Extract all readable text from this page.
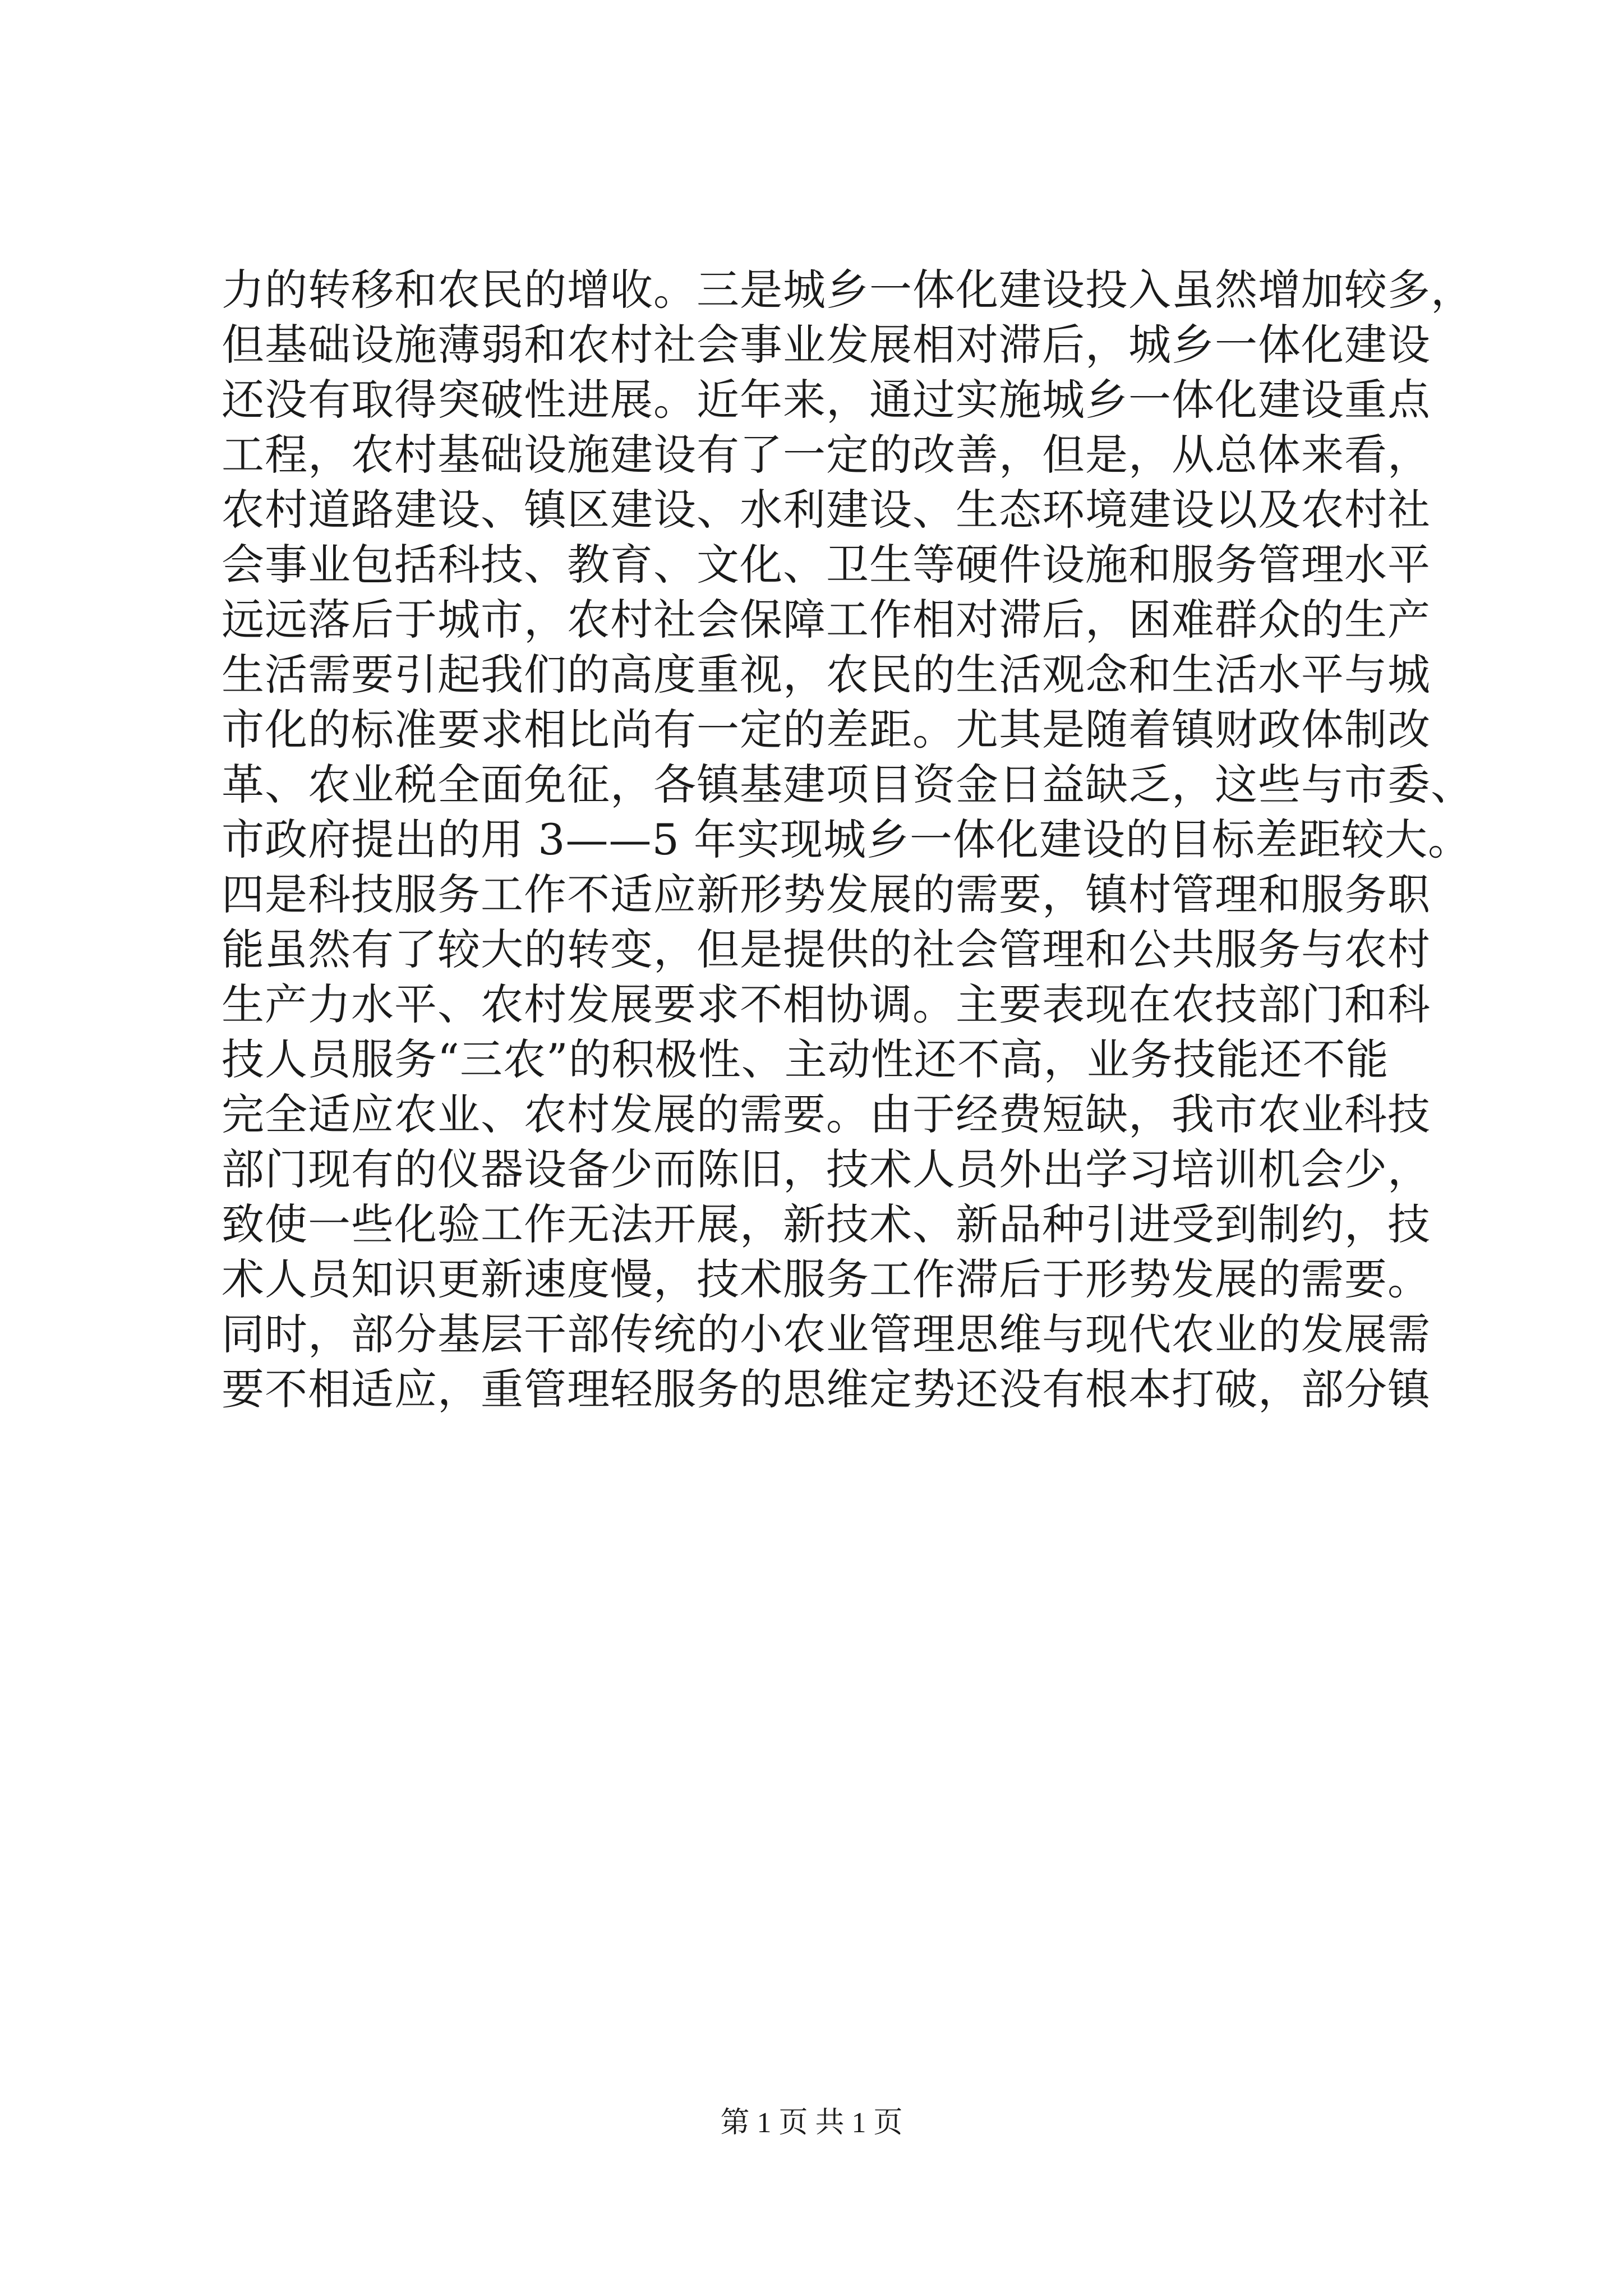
力的转移和农民的增收。三是城乡一体化建设投入虽然增加较多，
但基础设施薄弱和农村社会事业发展相对滞后，城乡一体化建设
还没有取得突破性进展。近年来，通过实施城乡一体化建设重点
工程，农村基础设施建设有了一定的改善，但是，从总体来看，
农村道路建设、镇区建设、水利建设、生态环境建设以及农村社
会事业包括科技、教育、文化、卫生等硬件设施和服务管理水平
远远落后于城市，农村社会保障工作相对滞后，困难群众的生产
生活需要引起我们的高度重视，农民的生活观念和生活水平与城
市化的标准要求相比尚有一定的差距。尤其是随着镇财政体制改
革、农业税全面免征，各镇基建项目资金日益缺乏，这些与市委、
市政府提出的用 3——5 年实现城乡一体化建设的目标差距较大。
四是科技服务工作不适应新形势发展的需要，镇村管理和服务职
能虽然有了较大的转变，但是提供的社会管理和公共服务与农村
生产力水平、农村发展要求不相协调。主要表现在农技部门和科
技人员服务“三农”的积极性、主动性还不高，业务技能还不能
完全适应农业、农村发展的需要。由于经费短缺，我市农业科技
部门现有的仪器设备少而陈旧，技术人员外出学习培训机会少，
致使一些化验工作无法开展，新技术、新品种引进受到制约，技
术人员知识更新速度慢，技术服务工作滞后于形势发展的需要。
同时，部分基层干部传统的小农业管理思维与现代农业的发展需
要不相适应，重管理轻服务的思维定势还没有根本打破，部分镇
第 1 页 共 1 页
